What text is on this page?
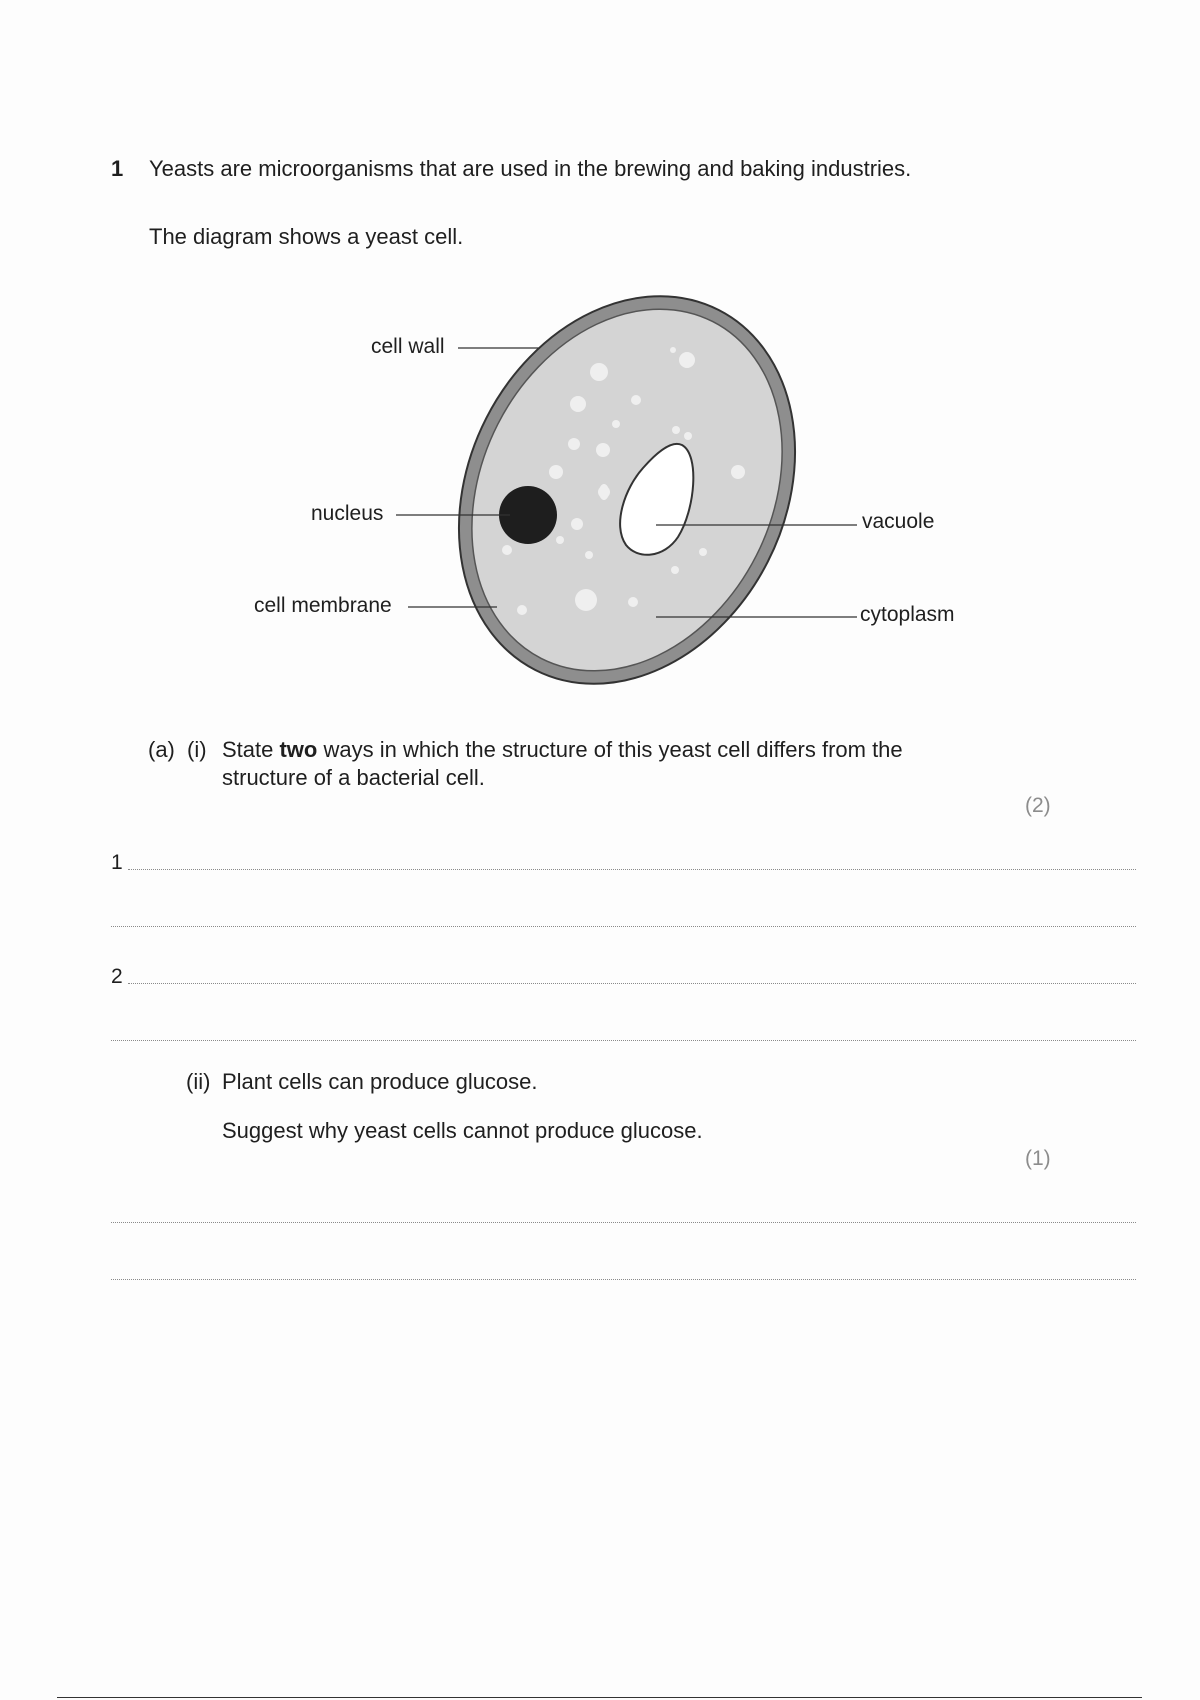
1 Yeasts are microorganisms that are used in the brewing and baking industries.
The diagram shows a yeast cell.
cell wall
nucleus
cell membrane
vacuole
cytoplasm
(a) (i) State two ways in which the structure of this yeast cell differs from the
structure of a bacterial cell.
(2)
1
2
(ii) Plant cells can produce glucose.
Suggest why yeast cells cannot produce glucose.
(1)
